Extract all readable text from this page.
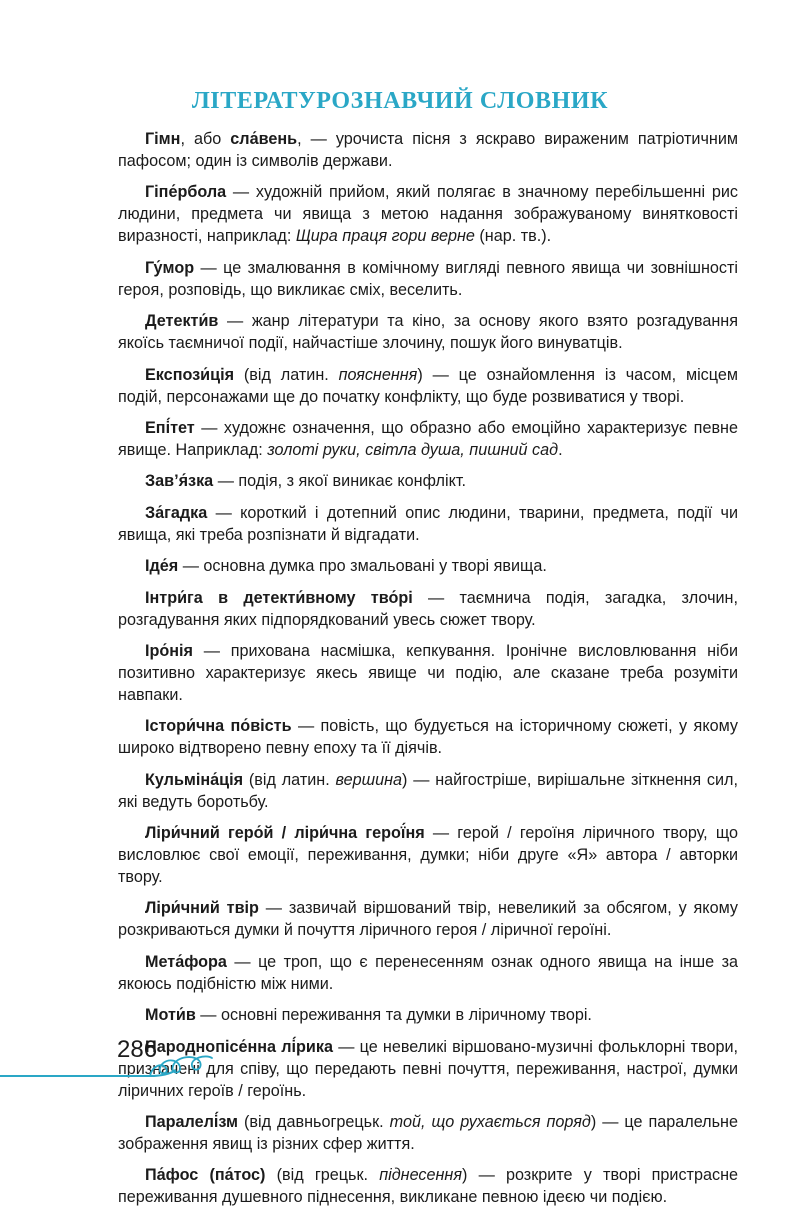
ЛІТЕРАТУРОЗНАВЧИЙ СЛОВНИК

Гімн, або сла́вень, — урочиста пісня з яскраво вираженим патріотичним пафосом; один із символів держави.

Гіпе́рбола — художній прийом, який полягає в значному перебільшенні рис людини, предмета чи явища з метою надання зображуваному винятковості виразності, наприклад: Щира праця гори верне (нар. тв.).

Гу́мор — це змалювання в комічному вигляді певного явища чи зовнішності героя, розповідь, що викликає сміх, веселить.

Детекти́в — жанр літератури та кіно, за основу якого взято розгадування якоїсь таємничої події, найчастіше злочину, пошук його винуватців.

Експози́ція (від латин. пояснення) — це ознайомлення із часом, місцем подій, персонажами ще до початку конфлікту, що буде розвиватися у творі.

Епі́тет — художнє означення, що образно або емоційно характеризує певне явище. Наприклад: золоті руки, світла душа, пишний сад.

Зав’я́зка — подія, з якої виникає конфлікт.

За́гадка — короткий і дотепний опис людини, тварини, предмета, події чи явища, які треба розпізнати й відгадати.

Іде́я — основна думка про змальовані у творі явища.

Інтри́га в детекти́вному тво́рі — таємнича подія, загадка, злочин, розгадування яких підпорядкований увесь сюжет твору.

Іро́нія — прихована насмішка, кепкування. Іронічне висловлювання ніби позитивно характеризує якесь явище чи подію, але сказане треба розуміти навпаки.

Істори́чна по́вість — повість, що будується на історичному сюжеті, у якому широко відтворено певну епоху та її діячів.

Кульміна́ція (від латин. вершина) — найгостріше, вирішальне зіткнення сил, які ведуть боротьбу.

Ліри́чний геро́й / ліри́чна герої́ня — герой / героїня ліричного твору, що висловлює свої емоції, переживання, думки; ніби друге «Я» автора / авторки твору.

Ліри́чний твір — зазвичай віршований твір, невеликий за обсягом, у якому розкриваються думки й почуття ліричного героя / ліричної героїні.

Мета́фора — це троп, що є перенесенням ознак одного явища на інше за якоюсь подібністю між ними.

Моти́в — основні переживання та думки в ліричному творі.

Народнопісе́нна лі́рика — це невеликі віршовано-музичні фольклорні твори, призначені для співу, що передають певні почуття, переживання, настрої, думки ліричних героїв / героїнь.

Паралелі́зм (від давньогрецьк. той, що рухається поряд) — це паралельне зображення явищ із різних сфер життя.

Па́фос (па́тос) (від грецьк. піднесення) — розкрите у творі пристрасне переживання душевного піднесення, викликане певною ідеєю чи подією.

286
